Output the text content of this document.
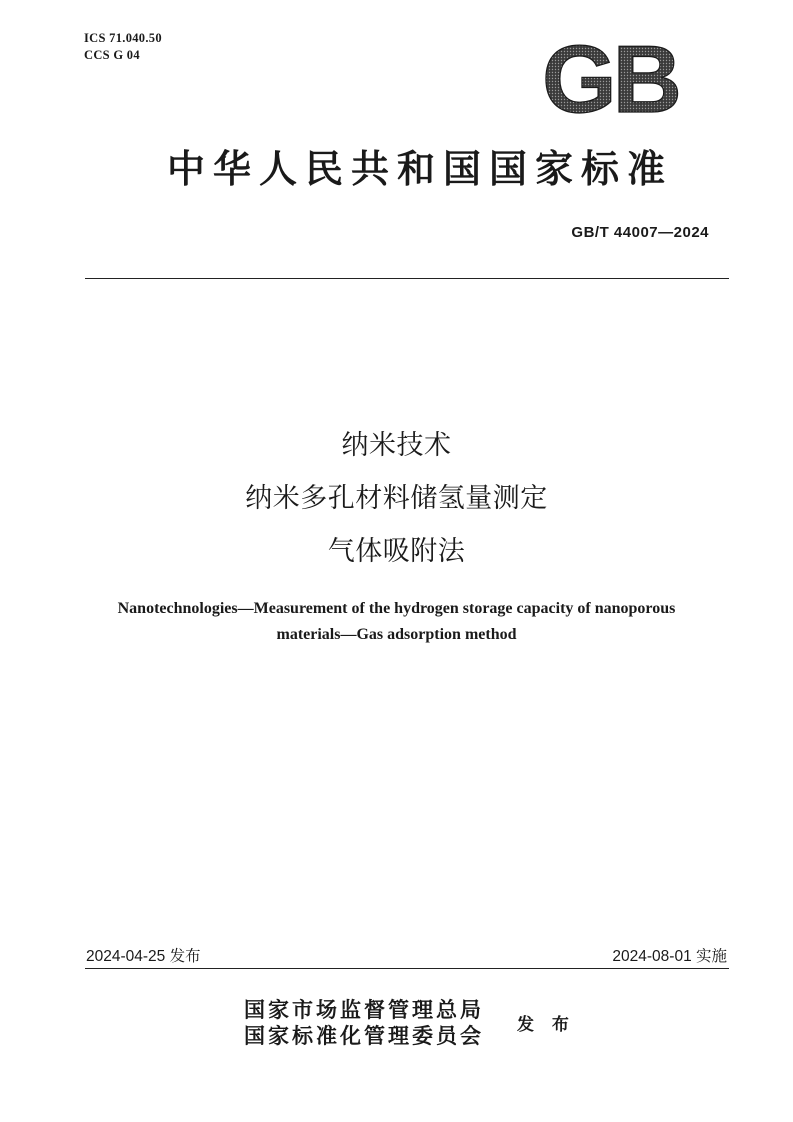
ICS 71.040.50
CCS G 04	GB
中华人民共和国国家标准
GB/T 44007—2024
纳米技术
纳米多孔材料储氢量测定
气体吸附法
Nanotechnologies—Measurement of the hydrogen storage capacity of nanoporous
materials—Gas adsorption method
2024-04-25 发布	2024-08-01 实施
国家市场监督管理总局
国家标准化管理委员会 发 布
